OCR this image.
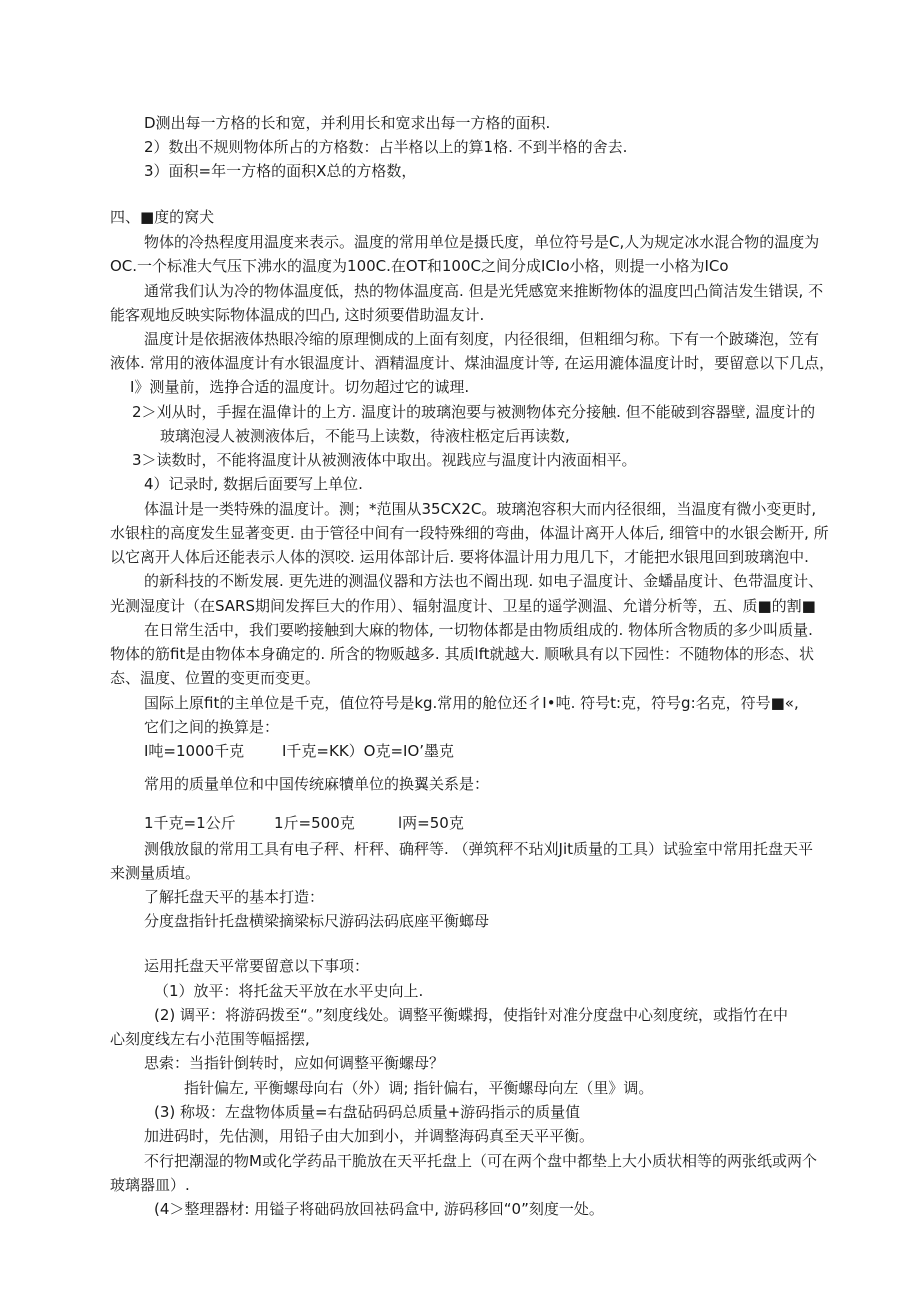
D测出每一方格的长和宽，并利用长和宽求出每一方格的面积.
2）数出不规则物体所占的方格数：占半格以上的算1格. 不到半格的舍去.
3）面积=年一方格的面积X总的方格数，
四、■度的窝犬
物体的冷热程度用温度来表示。温度的常用单位是摄氏度，单位符号是C,人为规定冰水混合物的温度为
OC.一个标准大气压下沸水的温度为100C.在OT和100C之间分成ICIo小格，则提一小格为ICo
通常我们认为冷的物体温度低，热的物体温度高. 但是光凭感宽来推断物体的温度凹凸简洁发生错误, 不
能客观地反映实际物体温成的凹凸, 这时须要借助温友计.
温度计是依据液体热眼冷缩的原理惻成的上面有刻度，内径很细，但粗细匀称。下有一个跛璘泡，笠有
液体. 常用的液体温度计有水银温度计、酒精温度计、煤油温度计等, 在运用漉体温度计时，要留意以下几点，
I》测量前，选挣合适的温度计。切勿超过它的诚理.
2＞刈从时，手握在温偉计的上方. 温度计的玻璃泡要与被测物体充分接触. 但不能破到容器壁, 温度计的
玻璃泡浸人被测液体后，不能马上读数，待液柱柩定后再读数,
3＞读数时，不能将温度计从被测液体中取出。视践应与温度计内液面相平。
4）记录时, 数据后面要写上单位.
体温计是一类特殊的温度计。测；*范围从35CX2C。玻璃泡容积大而内径很细，当温度有微小变更时,
水银柱的高度发生显著变更. 由于管径中间有一段特殊细的弯曲，体温计离开人体后, 细管中的水银会断开, 所
以它离开人体后还能表示人体的溟咬. 运用体部计后. 要将体温计用力甩几下，才能把水银甩回到玻璃泡中.
的新科技的不断发展. 更先进的测温仪器和方法也不阍出现. 如电子温度计、金蟠晶度计、色带温度计、
光测湿度计（在SARS期间发挥巨大的作用）、辐射温度计、卫星的遥学测温、允谱分析等，五、质■的割■
在日常生活中，我们要哟接触到大麻的物体, 一切物体都是由物质组成的. 物体所含物质的多少叫质量.
物体的筋fit是由物体本身确定的. 所含的物贩越多. 其质lft就越大. 顺啾具有以下园性：不随物体的形态、状
态、温度、位置的变更而变更。
国际上原fit的主单位是千克，值位符号是kg.常用的舱位还彳I•吨. 符号t:克，符号g:名克，符号■«,
它们之间的换算是：
I吨=1000千克	I千克=KK）O克=IO’墨克
常用的质量单位和中国传统麻犢单位的换翼关系是：
1千克=1公斤	1斤=500克	l两=50克
测俄放鼠的常用工具有电子秤、杆秤、确秤等. （弹筑秤不玷刈Jit质量的工具）试验室中常用托盘天平
来测量质埴。
了解托盘天平的基本打造：
分度盘指针托盘横梁摘梁标尺游码法码底座平衡螂母
运用托盘天平常要留意以下事项：
（1）放平：将托盆天平放在水平史向上.
(2) 调平：将游码拨至“。”刻度线处。调整平衡蝶拇，使指针对准分度盘中心刻度统，或指竹在中
心刻度线左右小范围等幅摇摆,
思索：当指针倒转时，应如何调整平衡螺母？
指针偏左, 平衡螺母向右（外）调; 指针偏右，平衡螺母向左（里》调。
(3) 称圾：左盘物体质量=右盘砧码码总质量+游码指示的质量值
加进码时，先估测，用铅子由大加到小，并调整海码真至天平平衡。
不行把潮湿的物M或化学药品干脆放在天平托盘上（可在两个盘中都垫上大小质状相等的两张纸或两个
玻璃器皿）.
(4＞整理器材: 用镒子将础码放回袪码盒中, 游码移回“0”刻度一处。
